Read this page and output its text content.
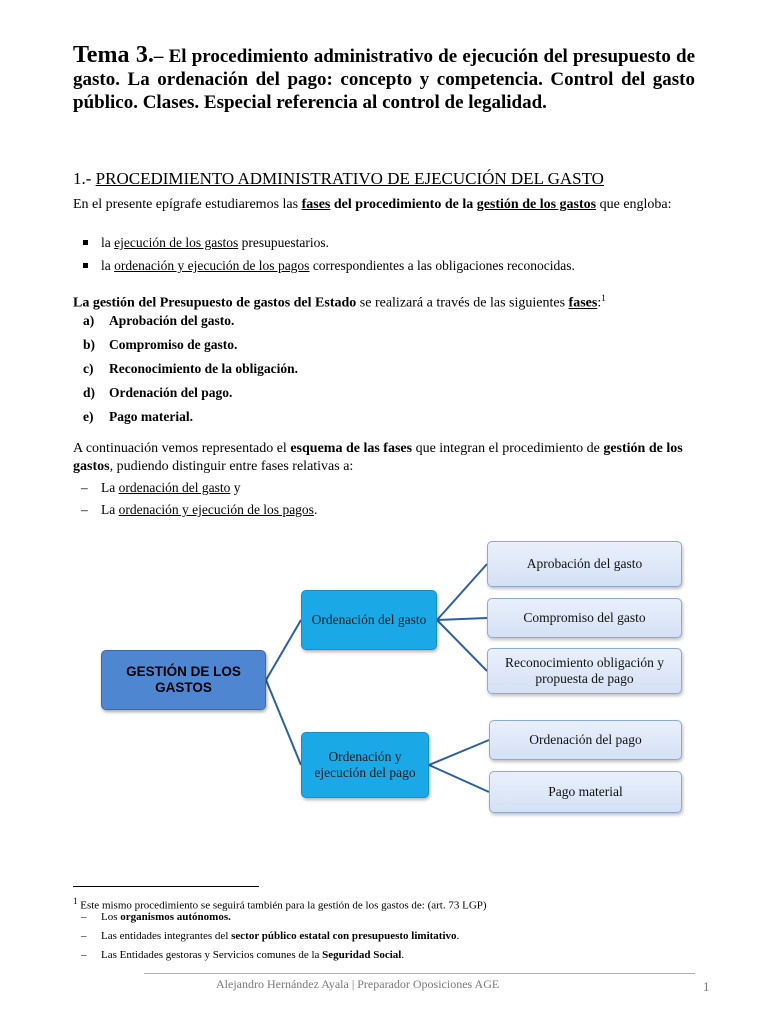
Tema 3.– El procedimiento administrativo de ejecución del presupuesto de gasto. La ordenación del pago: concepto y competencia. Control del gasto público. Clases. Especial referencia al control de legalidad.
1.- PROCEDIMIENTO ADMINISTRATIVO DE EJECUCIÓN DEL GASTO
En el presente epígrafe estudiaremos las fases del procedimiento de la gestión de los gastos que engloba:
la ejecución de los gastos presupuestarios.
la ordenación y ejecución de los pagos correspondientes a las obligaciones reconocidas.
La gestión del Presupuesto de gastos del Estado se realizará a través de las siguientes fases:$^1$
a) Aprobación del gasto.
b) Compromiso de gasto.
c) Reconocimiento de la obligación.
d) Ordenación del pago.
e) Pago material.
A continuación vemos representado el esquema de las fases que integran el procedimiento de gestión de los gastos, pudiendo distinguir entre fases relativas a:
– La ordenación del gasto y
– La ordenación y ejecución de los pagos.
GESTIÓN DE LOS GASTOS
Ordenación del gasto
Ordenación y ejecución del pago
Aprobación del gasto
Compromiso del gasto
Reconocimiento obligación y propuesta de pago
Ordenación del pago
Pago material
$^1$ Este mismo procedimiento se seguirá también para la gestión de los gastos de: (art. 73 LGP)
– Los organismos autónomos.
– Las entidades integrantes del sector público estatal con presupuesto limitativo.
– Las Entidades gestoras y Servicios comunes de la Seguridad Social.
Alejandro Hernández Ayala | Preparador Oposiciones AGE	1
